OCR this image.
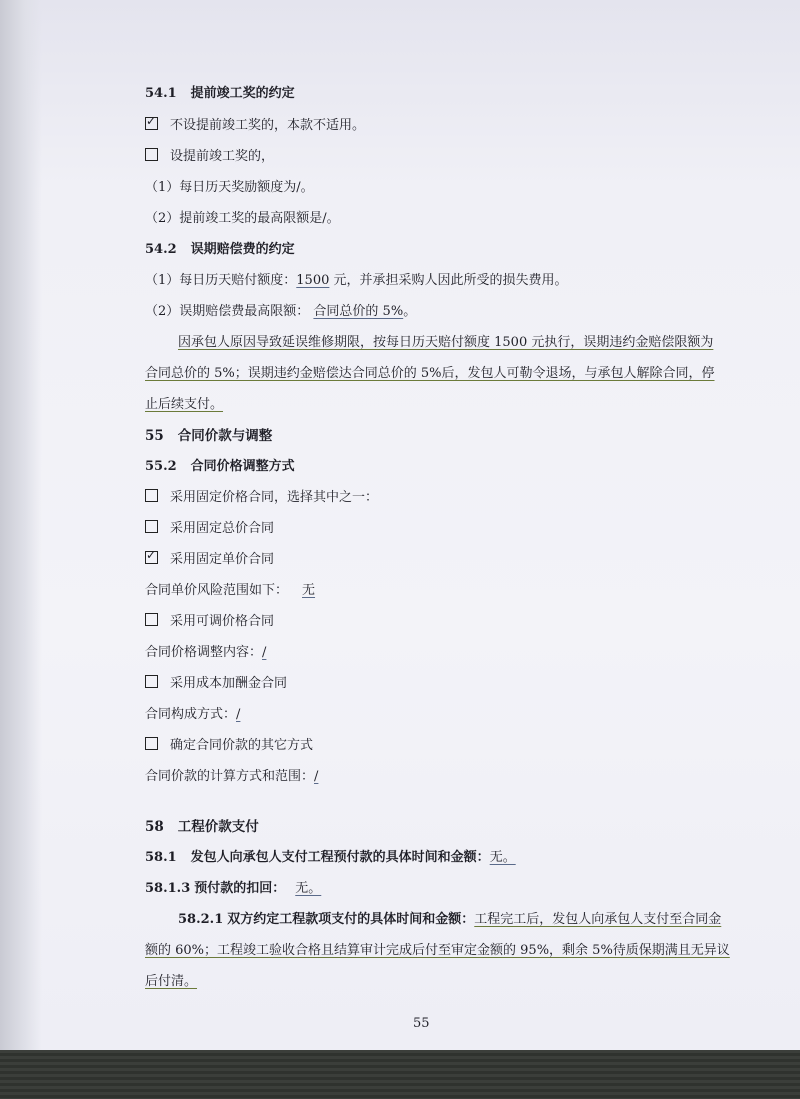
54.1 提前竣工奖的约定
✓不设提前竣工奖的，本款不适用。
设提前竣工奖的，
（1）每日历天奖励额度为/。
（2）提前竣工奖的最高限额是/。
54.2 误期赔偿费的约定
（1）每日历天赔付额度：1500 元，并承担采购人因此所受的损失费用。
（2）误期赔偿费最高限额： 合同总价的 5%。
因承包人原因导致延误维修期限，按每日历天赔付额度 1500 元执行，误期违约金赔偿限额为
合同总价的 5%；误期违约金赔偿达合同总价的 5%后，发包人可勒令退场，与承包人解除合同，停
止后续支付。
55 合同价款与调整
55.2 合同价格调整方式
采用固定价格合同，选择其中之一：
采用固定总价合同
✓采用固定单价合同
合同单价风险范围如下： 无
采用可调价格合同
合同价格调整内容：/
采用成本加酬金合同
合同构成方式：/
确定合同价款的其它方式
合同价款的计算方式和范围：/
58 工程价款支付
58.1 发包人向承包人支付工程预付款的具体时间和金额：无。
58.1.3 预付款的扣回： 无。
58.2.1 双方约定工程款项支付的具体时间和金额：工程完工后，发包人向承包人支付至合同金
额的 60%；工程竣工验收合格且结算审计完成后付至审定金额的 95%，剩余 5%待质保期满且无异议
后付清。
55
